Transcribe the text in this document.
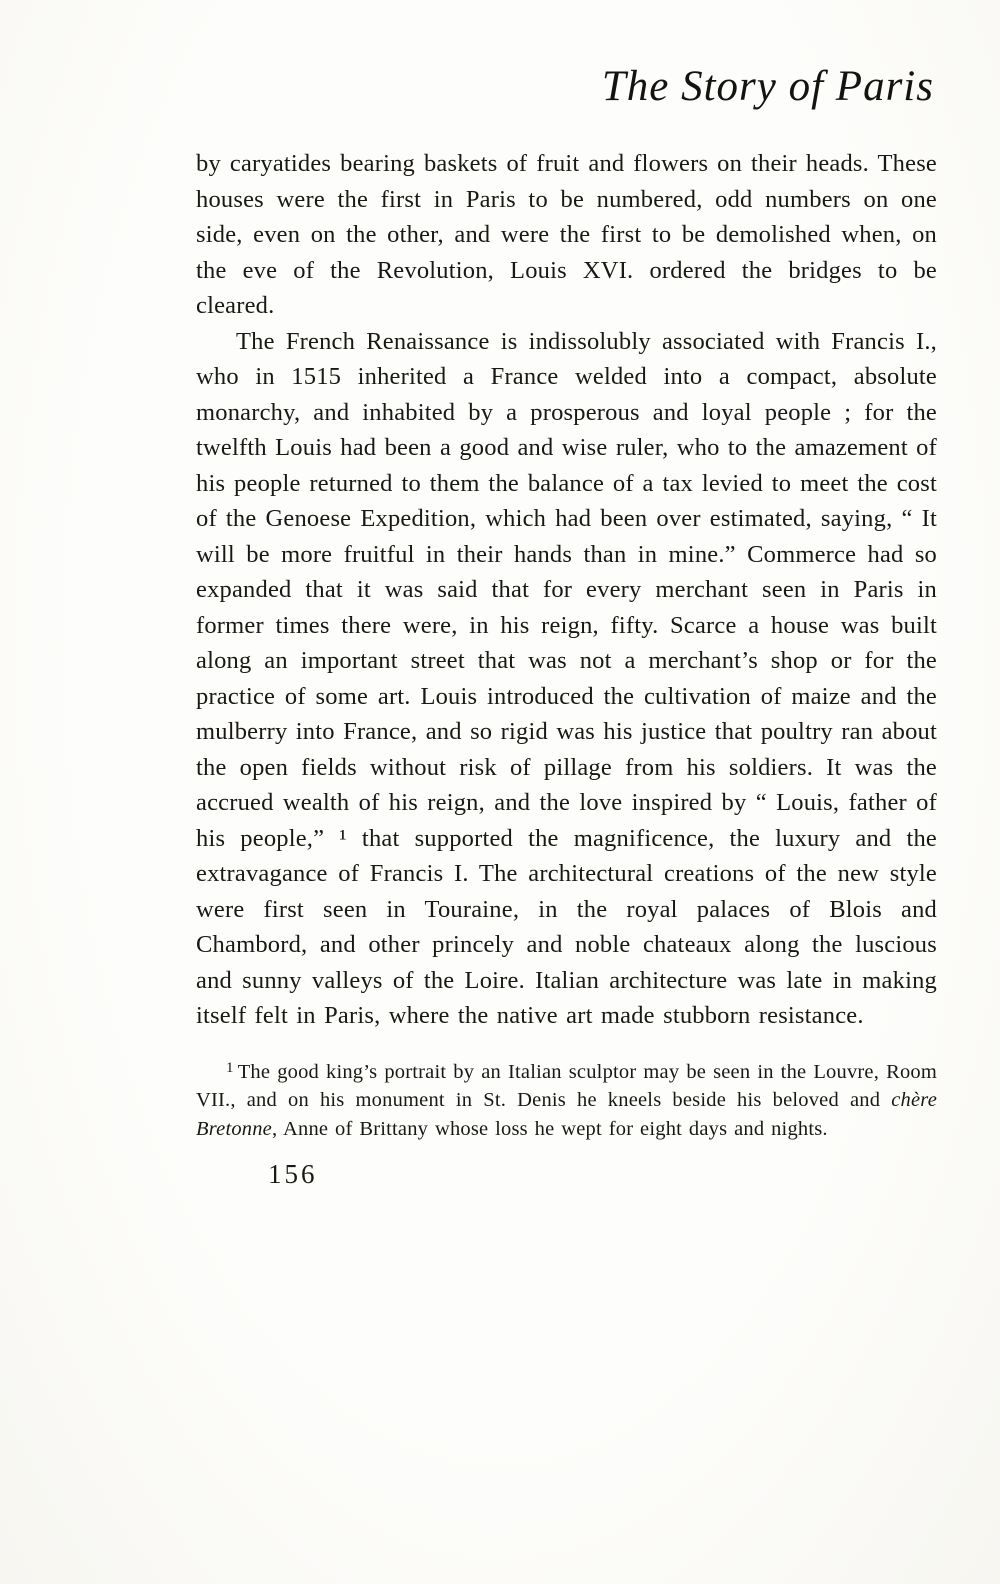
The Story of Paris

by caryatides bearing baskets of fruit and flowers on their heads. These houses were the first in Paris to be numbered, odd numbers on one side, even on the other, and were the first to be demolished when, on the eve of the Revolution, Louis XVI. ordered the bridges to be cleared.

The French Renaissance is indissolubly associated with Francis I., who in 1515 inherited a France welded into a compact, absolute monarchy, and inhabited by a prosperous and loyal people ; for the twelfth Louis had been a good and wise ruler, who to the amazement of his people returned to them the balance of a tax levied to meet the cost of the Genoese Expedition, which had been over estimated, saying, “ It will be more fruitful in their hands than in mine.” Commerce had so expanded that it was said that for every merchant seen in Paris in former times there were, in his reign, fifty. Scarce a house was built along an important street that was not a merchant’s shop or for the practice of some art. Louis introduced the cultivation of maize and the mulberry into France, and so rigid was his justice that poultry ran about the open fields without risk of pillage from his soldiers. It was the accrued wealth of his reign, and the love inspired by “ Louis, father of his people,” ¹ that supported the magnificence, the luxury and the extravagance of Francis I. The architectural creations of the new style were first seen in Touraine, in the royal palaces of Blois and Chambord, and other princely and noble chateaux along the luscious and sunny valleys of the Loire. Italian architecture was late in making itself felt in Paris, where the native art made stubborn resistance.

$^1$ The good king’s portrait by an Italian sculptor may be seen in the Louvre, Room VII., and on his monument in St. Denis he kneels beside his beloved and chère Bretonne, Anne of Brittany whose loss he wept for eight days and nights.
156
